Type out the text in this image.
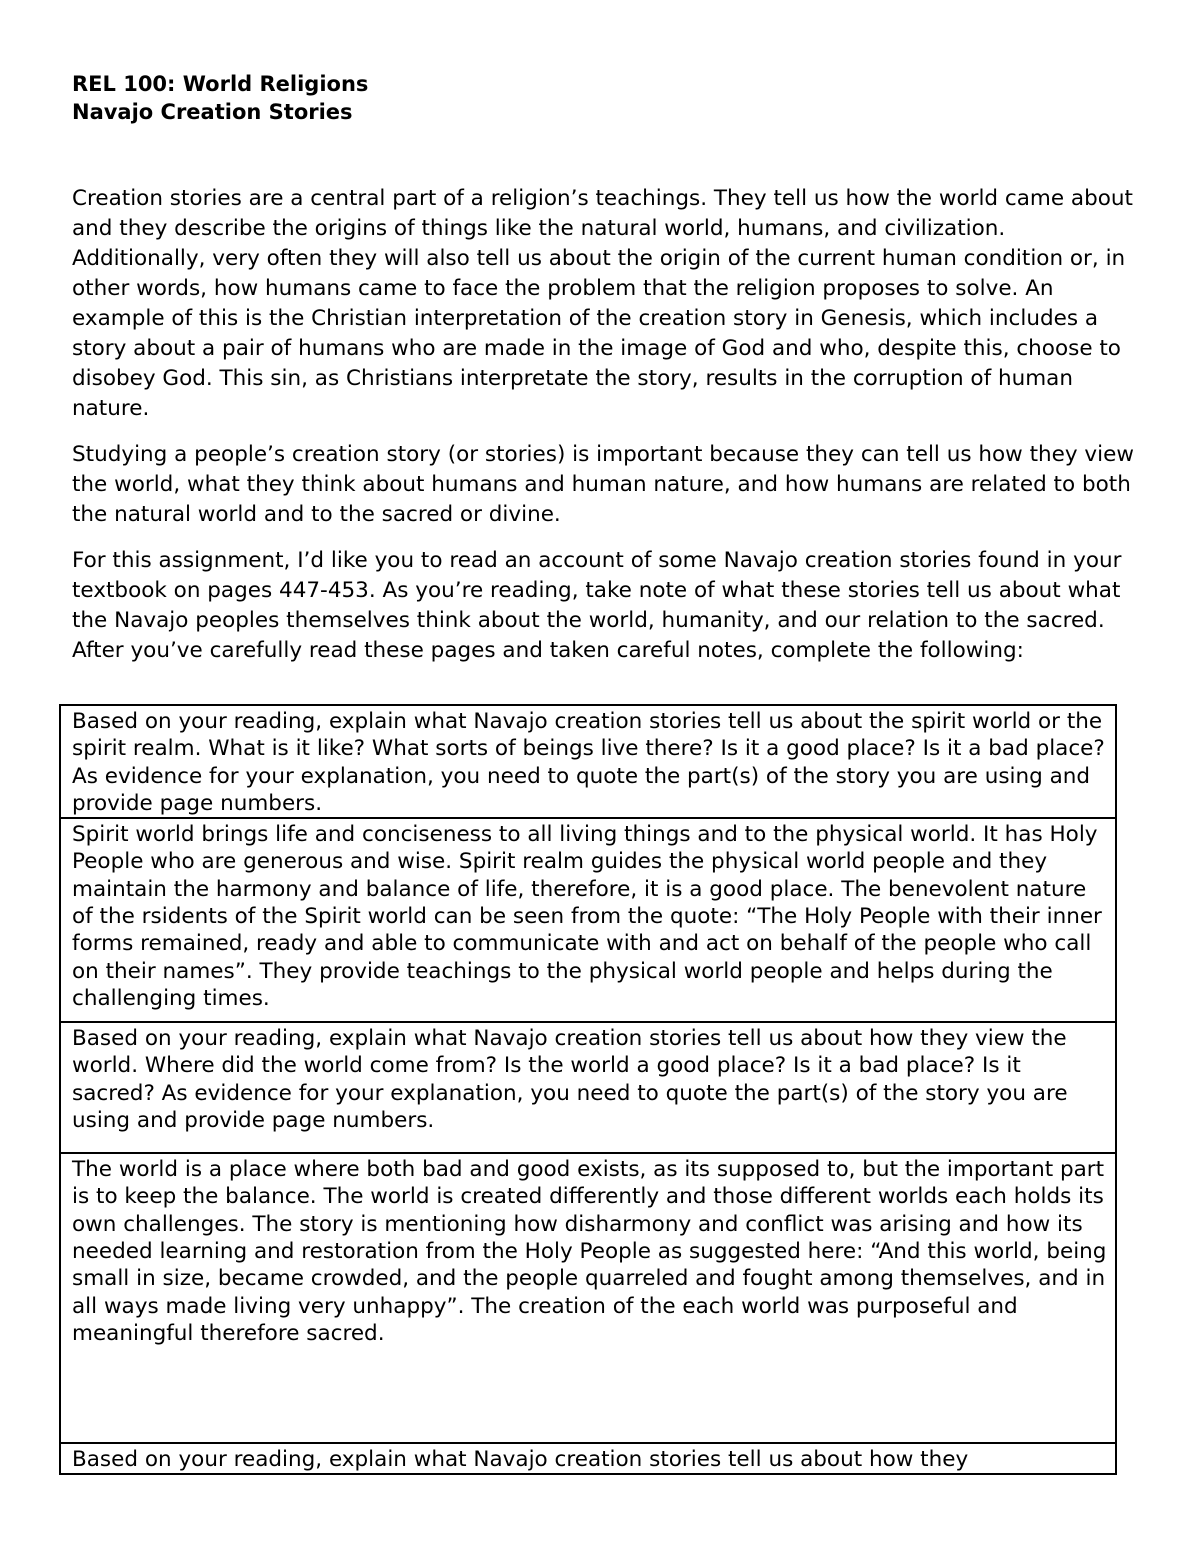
REL 100: World Religions
Navajo Creation Stories

Creation stories are a central part of a religion’s teachings. They tell us how the world came about and they describe the origins of things like the natural world, humans, and civilization. Additionally, very often they will also tell us about the origin of the current human condition or, in other words, how humans came to face the problem that the religion proposes to solve. An example of this is the Christian interpretation of the creation story in Genesis, which includes a story about a pair of humans who are made in the image of God and who, despite this, choose to disobey God. This sin, as Christians interpretate the story, results in the corruption of human nature.

Studying a people’s creation story (or stories) is important because they can tell us how they view the world, what they think about humans and human nature, and how humans are related to both the natural world and to the sacred or divine.

For this assignment, I’d like you to read an account of some Navajo creation stories found in your textbook on pages 447-453. As you’re reading, take note of what these stories tell us about what the Navajo peoples themselves think about the world, humanity, and our relation to the sacred. After you’ve carefully read these pages and taken careful notes, complete the following:

Based on your reading, explain what Navajo creation stories tell us about the spirit world or the spirit realm. What is it like? What sorts of beings live there? Is it a good place? Is it a bad place? As evidence for your explanation, you need to quote the part(s) of the story you are using and provide page numbers.
Spirit world brings life and conciseness to all living things and to the physical world. It has Holy People who are generous and wise. Spirit realm guides the physical world people and they maintain the harmony and balance of life, therefore, it is a good place. The benevolent nature of the rsidents of the Spirit world can be seen from the quote: “The Holy People with their inner forms remained, ready and able to communicate with and act on behalf of the people who call on their names”. They provide teachings to the physical world people and helps during the challenging times.
Based on your reading, explain what Navajo creation stories tell us about how they view the world. Where did the world come from? Is the world a good place? Is it a bad place? Is it sacred? As evidence for your explanation, you need to quote the part(s) of the story you are using and provide page numbers.
The world is a place where both bad and good exists, as its supposed to, but the important part is to keep the balance. The world is created differently and those different worlds each holds its own challenges. The story is mentioning how disharmony and conflict was arising and how its needed learning and restoration from the Holy People as suggested here: “And this world, being small in size, became crowded, and the people quarreled and fought among themselves, and in all ways made living very unhappy”. The creation of the each world was purposeful and meaningful therefore sacred.
Based on your reading, explain what Navajo creation stories tell us about how they
